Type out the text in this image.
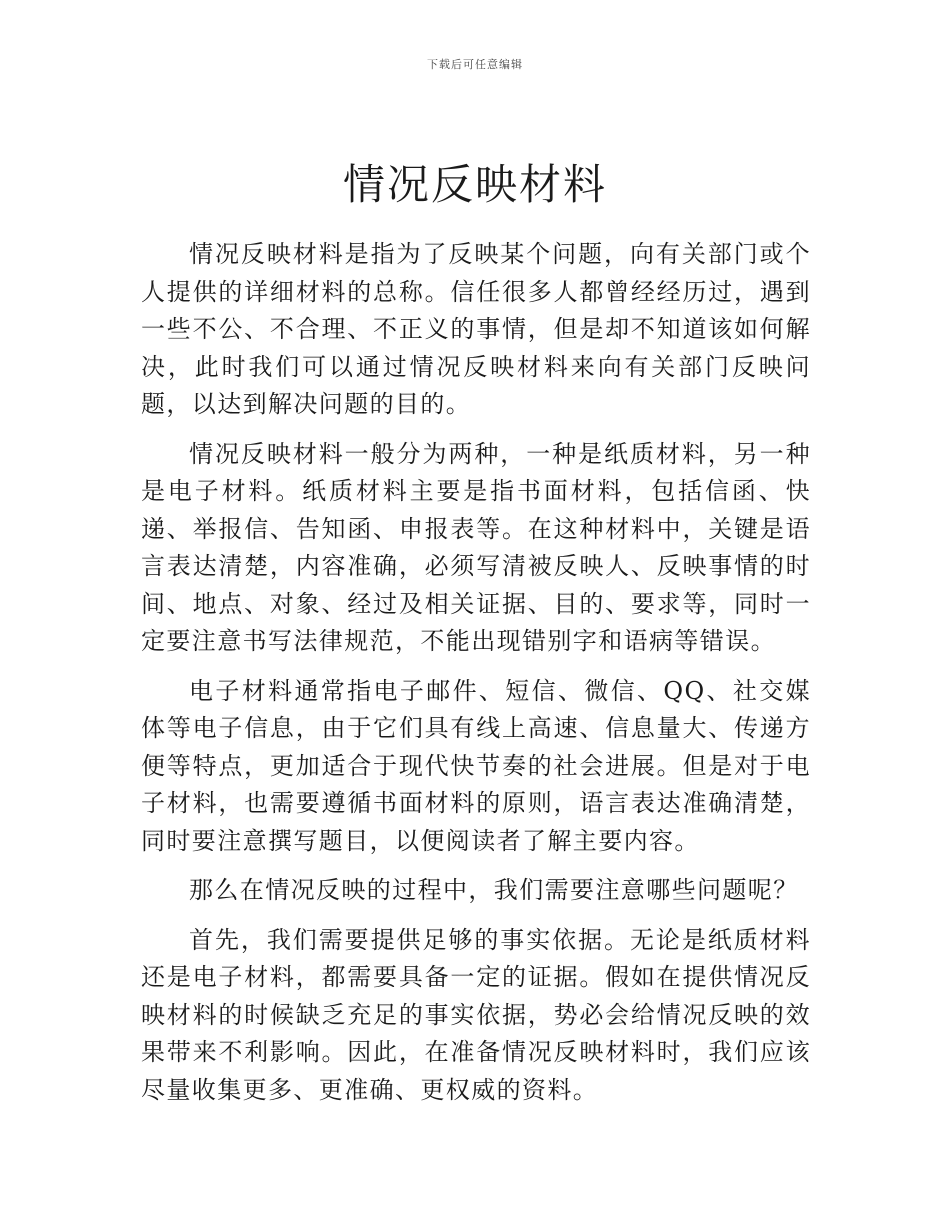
下载后可任意编辑
情况反映材料

情况反映材料是指为了反映某个问题，向有关部门或个人提供的详细材料的总称。信任很多人都曾经经历过，遇到一些不公、不合理、不正义的事情，但是却不知道该如何解决，此时我们可以通过情况反映材料来向有关部门反映问题，以达到解决问题的目的。

情况反映材料一般分为两种，一种是纸质材料，另一种是电子材料。纸质材料主要是指书面材料，包括信函、快递、举报信、告知函、申报表等。在这种材料中，关键是语言表达清楚，内容准确，必须写清被反映人、反映事情的时间、地点、对象、经过及相关证据、目的、要求等，同时一定要注意书写法律规范，不能出现错别字和语病等错误。

电子材料通常指电子邮件、短信、微信、QQ、社交媒体等电子信息，由于它们具有线上高速、信息量大、传递方便等特点，更加适合于现代快节奏的社会进展。但是对于电子材料，也需要遵循书面材料的原则，语言表达准确清楚，同时要注意撰写题目，以便阅读者了解主要内容。

那么在情况反映的过程中，我们需要注意哪些问题呢？

首先，我们需要提供足够的事实依据。无论是纸质材料还是电子材料，都需要具备一定的证据。假如在提供情况反映材料的时候缺乏充足的事实依据，势必会给情况反映的效果带来不利影响。因此，在准备情况反映材料时，我们应该尽量收集更多、更准确、更权威的资料。
